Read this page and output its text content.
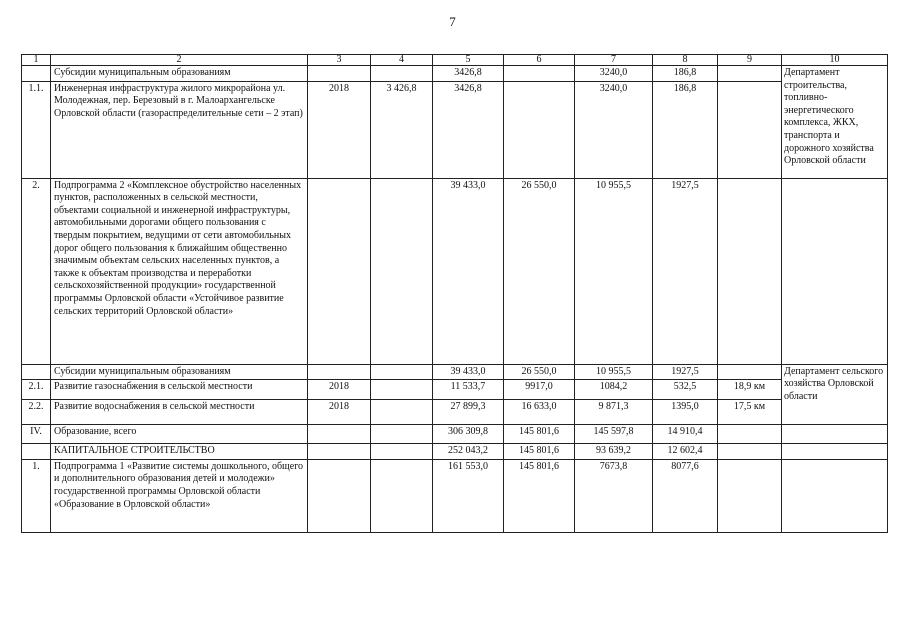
7
1	2	3	4	5	6	7	8	9	10
	Субсидии муниципальным образованиям			3426,8		3240,0	186,8		Департамент строительства, топливно-энергетического комплекса, ЖКХ, транспорта и дорожного хозяйства Орловской области
1.1.	Инженерная инфраструктура жилого микрорайона ул. Молодежная, пер. Березовый в г. Малоархангельске Орловской области (газораспределительные сети – 2 этап)	2018	3 426,8	3426,8		3240,0	186,8		
2.	Подпрограмма 2 «Комплексное обустройство населенных пунктов, расположенных в сельской местности, объектами социальной и инженерной инфраструктуры, автомобильными дорогами общего пользования с твердым покрытием, ведущими от сети автомобильных дорог общего пользования к ближайшим общественно значимым объектам сельских населенных пунктов, а также к объектам производства и переработки сельскохозяйственной продукции» государственной программы Орловской области «Устойчивое развитие сельских территорий Орловской области»			39 433,0	26 550,0	10 955,5	1927,5		
	Субсидии муниципальным образованиям			39 433,0	26 550,0	10 955,5	1927,5		Департамент сельского хозяйства Орловской области
2.1.	Развитие газоснабжения в сельской местности	2018		11 533,7	9917,0	1084,2	532,5	18,9 км	
2.2.	Развитие водоснабжения в сельской местности	2018		27 899,3	16 633,0	9 871,3	1395,0	17,5 км	
IV.	Образование, всего			306 309,8	145 801,6	145 597,8	14 910,4		
	КАПИТАЛЬНОЕ СТРОИТЕЛЬСТВО			252 043,2	145 801,6	93 639,2	12 602,4		
1.	Подпрограмма 1 «Развитие системы дошкольного, общего и дополнительного образования детей и молодежи» государственной программы Орловской области «Образование в Орловской области»			161 553,0	145 801,6	7673,8	8077,6		
